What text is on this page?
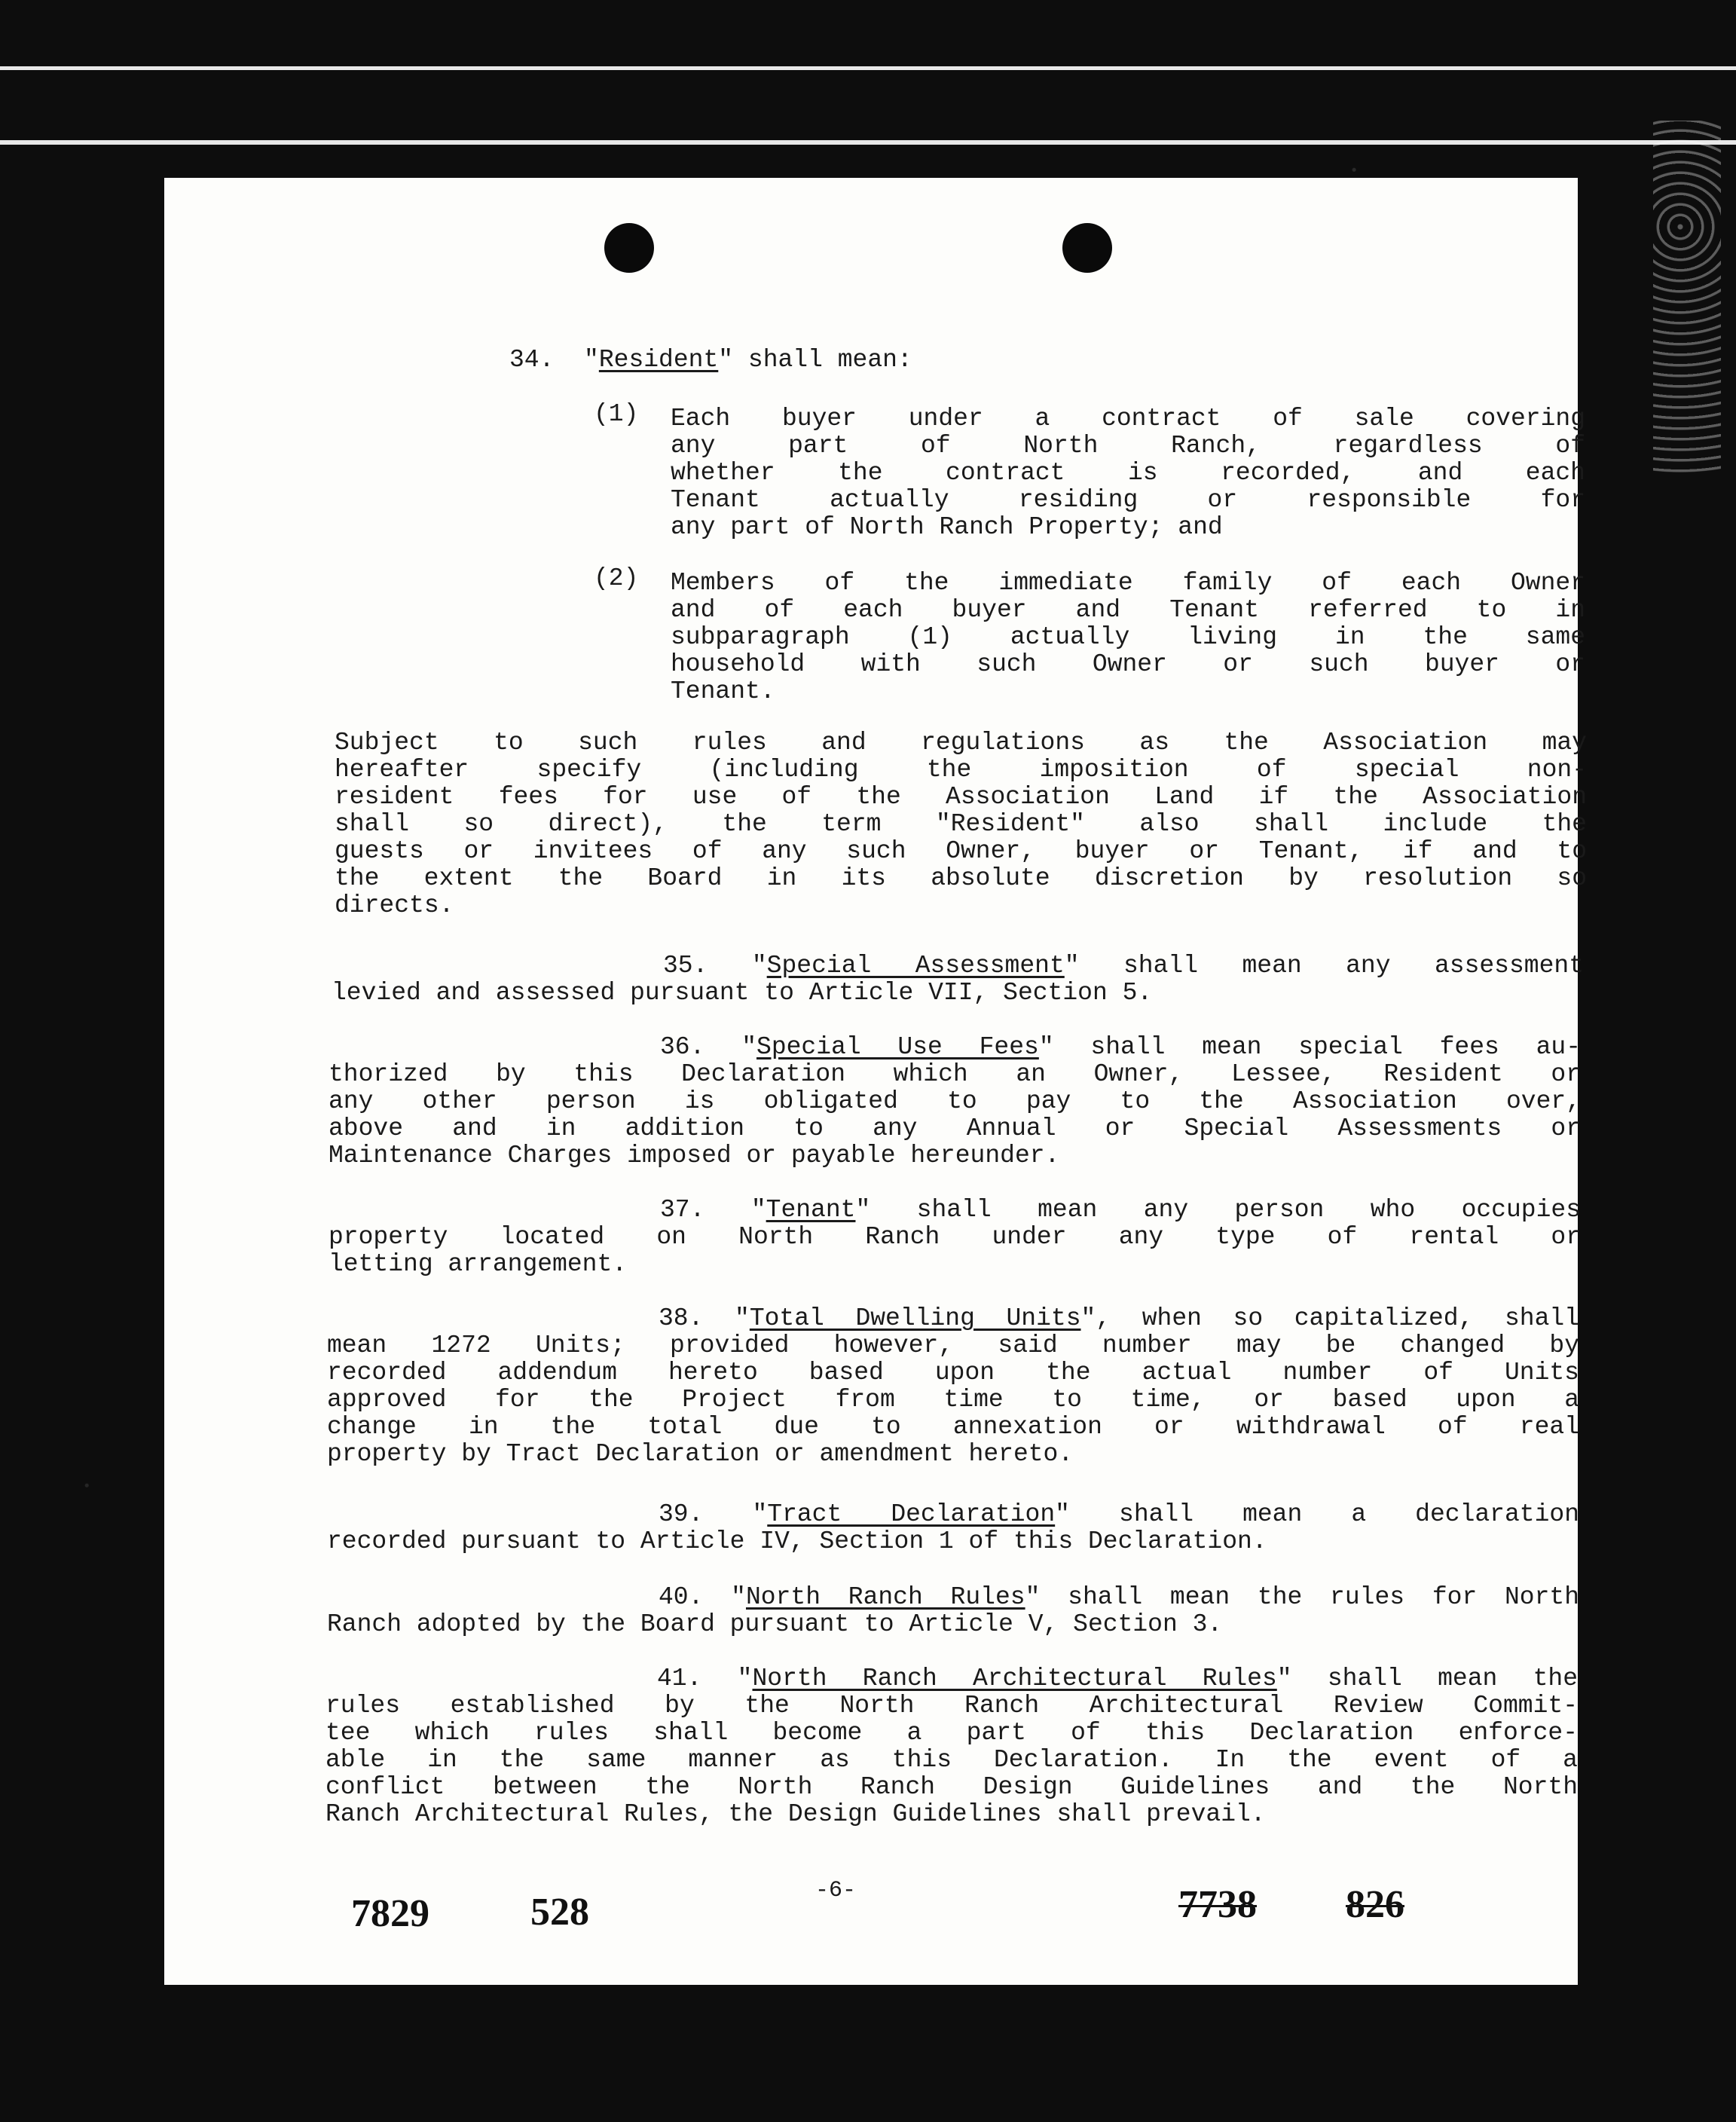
34.  "Resident" shall mean:
(1) Each buyer under a contract of sale covering
any part of North Ranch, regardless of
whether the contract is recorded, and each
Tenant actually residing or responsible for
any part of North Ranch Property; and
(2) Members of the immediate family of each Owner
and of each buyer and Tenant referred to in
subparagraph (1) actually living in the same
household with such Owner or such buyer or
Tenant.
Subject to such rules and regulations as the Association may
hereafter specify (including the imposition of special non-
resident fees for use of the Association Land if the Association
shall so direct), the term "Resident" also shall include the
guests or invitees of any such Owner, buyer or Tenant, if and to
the extent the Board in its absolute discretion by resolution so
directs.
35. "Special Assessment" shall mean any assessment
levied and assessed pursuant to Article VII, Section 5.
36. "Special Use Fees" shall mean special fees au-
thorized by this Declaration which an Owner, Lessee, Resident or
any other person is obligated to pay to the Association over,
above and in addition to any Annual or Special Assessments or
Maintenance Charges imposed or payable hereunder.
37. "Tenant" shall mean any person who occupies
property located on North Ranch under any type of rental or
letting arrangement.
38. "Total Dwelling Units", when so capitalized, shall
mean 1272 Units; provided however, said number may be changed by
recorded addendum hereto based upon the actual number of Units
approved for the Project from time to time, or based upon a
change in the total due to annexation or withdrawal of real
property by Tract Declaration or amendment hereto.
39. "Tract Declaration" shall mean a declaration
recorded pursuant to Article IV, Section 1 of this Declaration.
40. "North Ranch Rules" shall mean the rules for North
Ranch adopted by the Board pursuant to Article V, Section 3.
41. "North Ranch Architectural Rules" shall mean the
rules established by the North Ranch Architectural Review Commit-
tee which rules shall become a part of this Declaration enforce-
able in the same manner as this Declaration. In the event of a
conflict between the North Ranch Design Guidelines and the North
Ranch Architectural Rules, the Design Guidelines shall prevail.
7829	528	-6-	7738 826
